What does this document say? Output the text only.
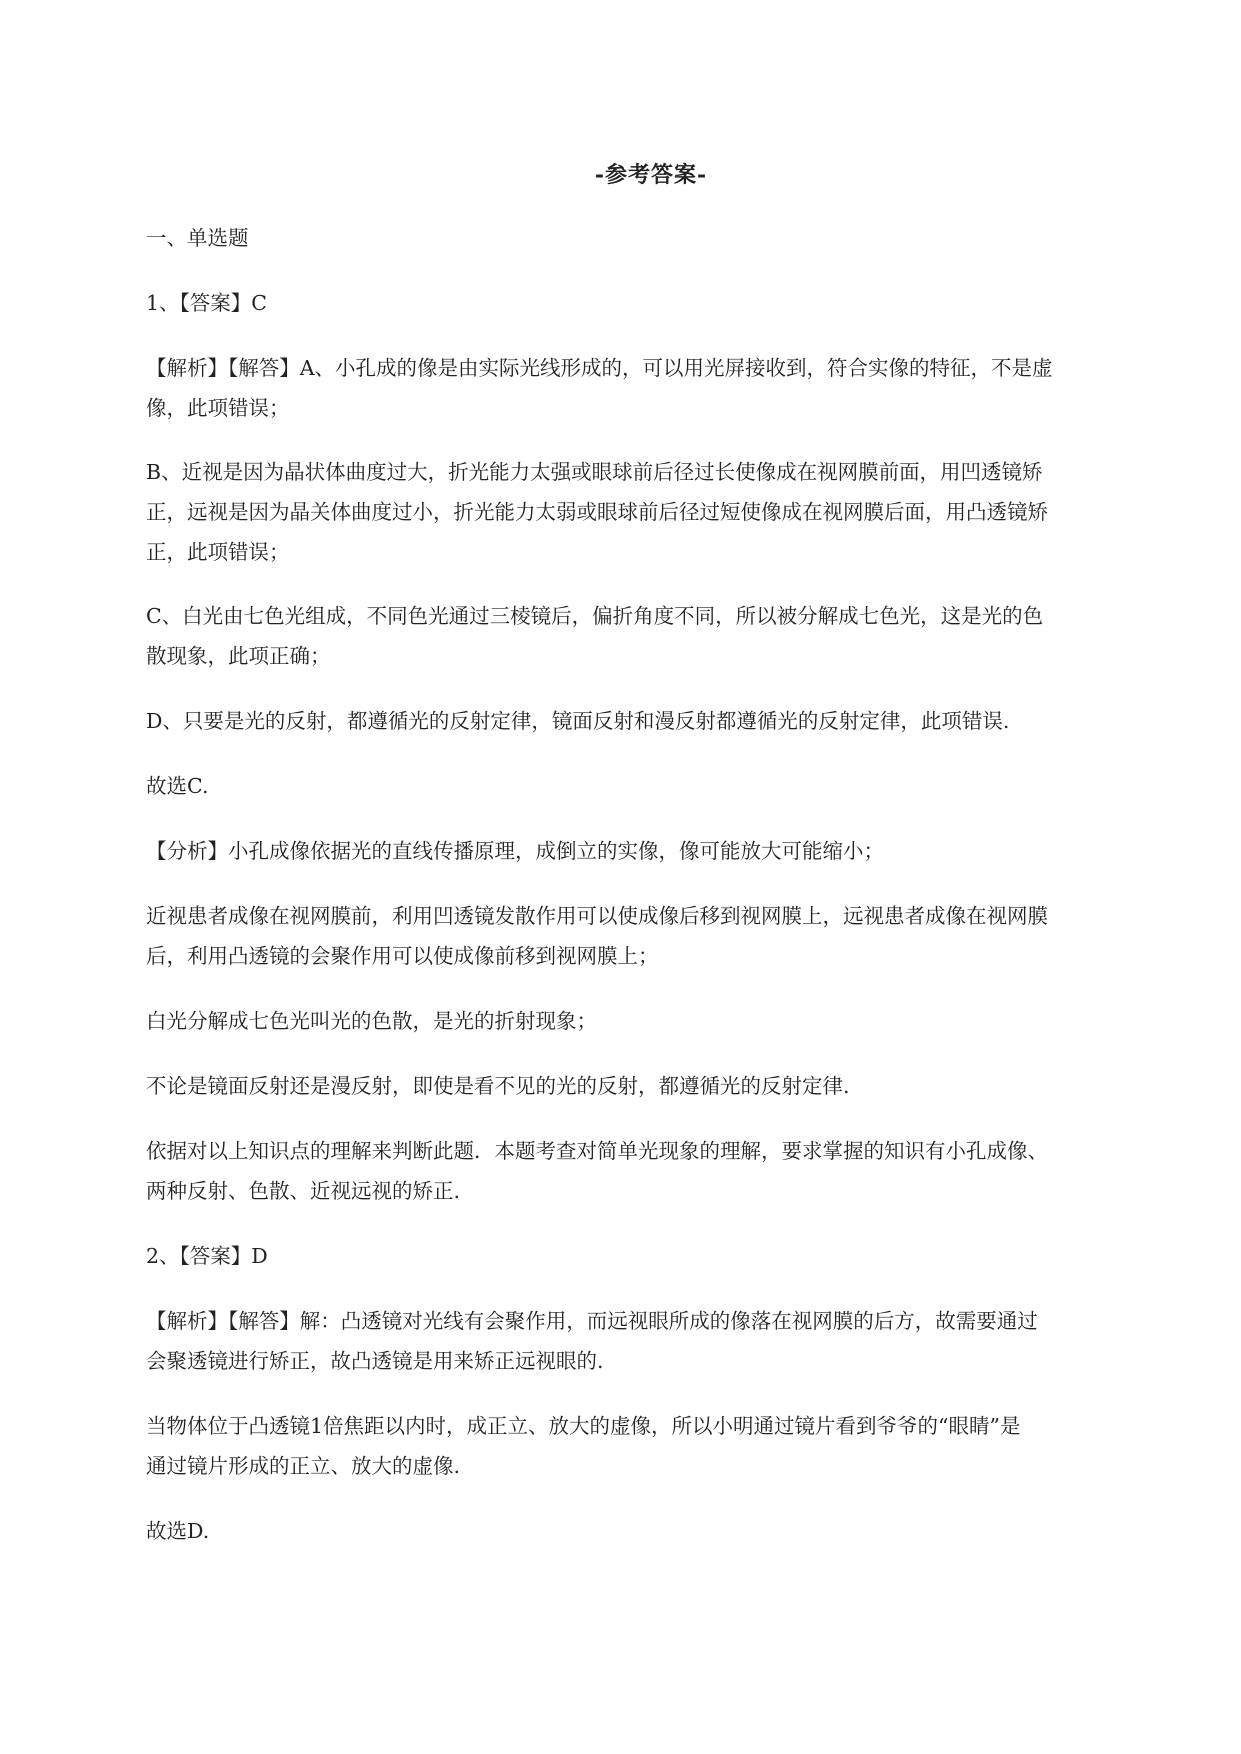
-参考答案-
一、单选题
1、【答案】C
【解析】【解答】A、小孔成的像是由实际光线形成的，可以用光屏接收到，符合实像的特征，不是虚
像，此项错误；
B、近视是因为晶状体曲度过大，折光能力太强或眼球前后径过长使像成在视网膜前面，用凹透镜矫
正，远视是因为晶关体曲度过小，折光能力太弱或眼球前后径过短使像成在视网膜后面，用凸透镜矫
正，此项错误；
C、白光由七色光组成，不同色光通过三棱镜后，偏折角度不同，所以被分解成七色光，这是光的色
散现象，此项正确；
D、只要是光的反射，都遵循光的反射定律，镜面反射和漫反射都遵循光的反射定律，此项错误.
故选C.
【分析】小孔成像依据光的直线传播原理，成倒立的实像，像可能放大可能缩小；
近视患者成像在视网膜前，利用凹透镜发散作用可以使成像后移到视网膜上，远视患者成像在视网膜
后，利用凸透镜的会聚作用可以使成像前移到视网膜上；
白光分解成七色光叫光的色散，是光的折射现象；
不论是镜面反射还是漫反射，即使是看不见的光的反射，都遵循光的反射定律.
依据对以上知识点的理解来判断此题．本题考查对简单光现象的理解，要求掌握的知识有小孔成像、
两种反射、色散、近视远视的矫正.
2、【答案】D
【解析】【解答】解：凸透镜对光线有会聚作用，而远视眼所成的像落在视网膜的后方，故需要通过
会聚透镜进行矫正，故凸透镜是用来矫正远视眼的.
当物体位于凸透镜1倍焦距以内时，成正立、放大的虚像，所以小明通过镜片看到爷爷的“眼睛”是
通过镜片形成的正立、放大的虚像.
故选D.
